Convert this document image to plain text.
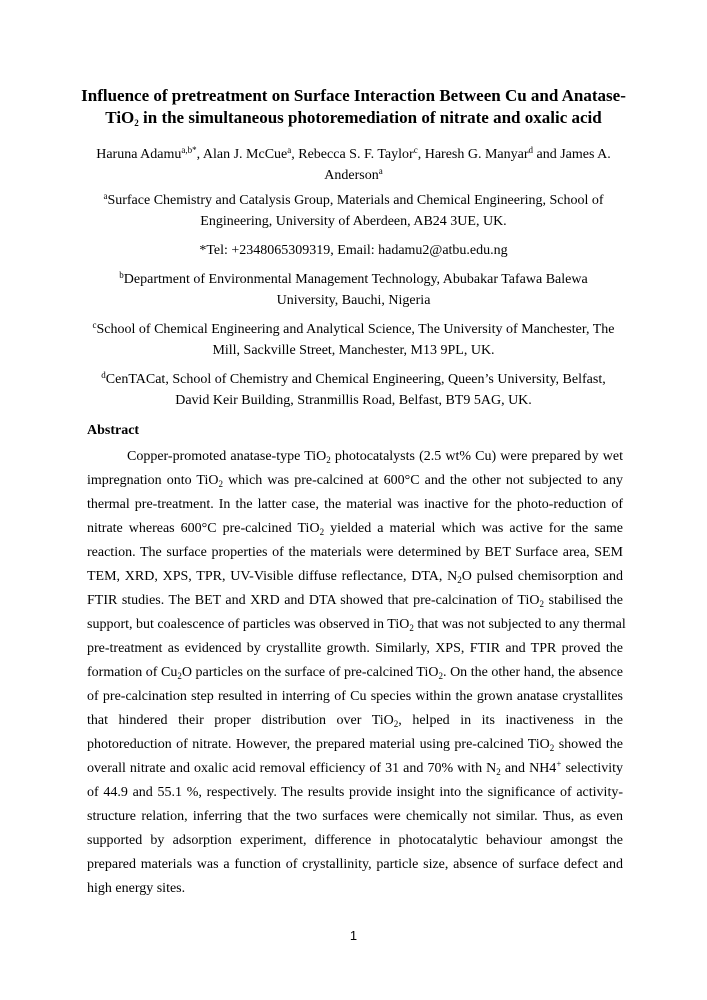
Influence of pretreatment on Surface Interaction Between Cu and Anatase-
TiO$_2$ in the simultaneous photoremediation of nitrate and oxalic acid
Haruna Adamu$^{a,b*}$, Alan J. McCue$^a$, Rebecca S. F. Taylor$^c$, Haresh G. Manyar$^d$ and James A. Anderson$^a$
$^a$Surface Chemistry and Catalysis Group, Materials and Chemical Engineering, School of
Engineering, University of Aberdeen, AB24 3UE, UK.
*Tel: +2348065309319, Email: hadamu2@atbu.edu.ng
$^b$Department of Environmental Management Technology, Abubakar Tafawa Balewa
University, Bauchi, Nigeria
$^c$School of Chemical Engineering and Analytical Science, The University of Manchester, The
Mill, Sackville Street, Manchester, M13 9PL, UK.
$^d$CenTACat, School of Chemistry and Chemical Engineering, Queen’s University, Belfast,
David Keir Building, Stranmillis Road, Belfast, BT9 5AG, UK.
Abstract
Copper-promoted anatase-type TiO$_2$ photocatalysts (2.5 wt% Cu) were prepared by wet
impregnation onto TiO$_2$ which was pre-calcined at 600°C and the other not subjected to any
thermal pre-treatment. In the latter case, the material was inactive for the photo-reduction of
nitrate whereas 600°C pre-calcined TiO$_2$ yielded a material which was active for the same
reaction. The surface properties of the materials were determined by BET Surface area, SEM
TEM, XRD, XPS, TPR, UV-Visible diffuse reflectance, DTA, $N_2O$ pulsed chemisorption and
FTIR studies. The BET and XRD and DTA showed that pre-calcination of TiO$_2$ stabilised the
support, but coalescence of particles was observed in TiO$_2$ that was not subjected to any thermal
pre-treatment as evidenced by crystallite growth. Similarly, XPS, FTIR and TPR proved the
formation of $Cu_2O$ particles on the surface of pre-calcined TiO$_2$. On the other hand, the absence
of pre-calcination step resulted in interring of Cu species within the grown anatase crystallites
that hindered their proper distribution over TiO$_2$, helped in its inactiveness in the
photoreduction of nitrate. However, the prepared material using pre-calcined TiO$_2$ showed the
overall nitrate and oxalic acid removal efficiency of 31 and 70% with $N_2$ and NH4+ selectivity
of 44.9 and 55.1 %, respectively. The results provide insight into the significance of activity-
structure relation, inferring that the two surfaces were chemically not similar. Thus, as even
supported by adsorption experiment, difference in photocatalytic behaviour amongst the
prepared materials was a function of crystallinity, particle size, absence of surface defect and
high energy sites.
1
